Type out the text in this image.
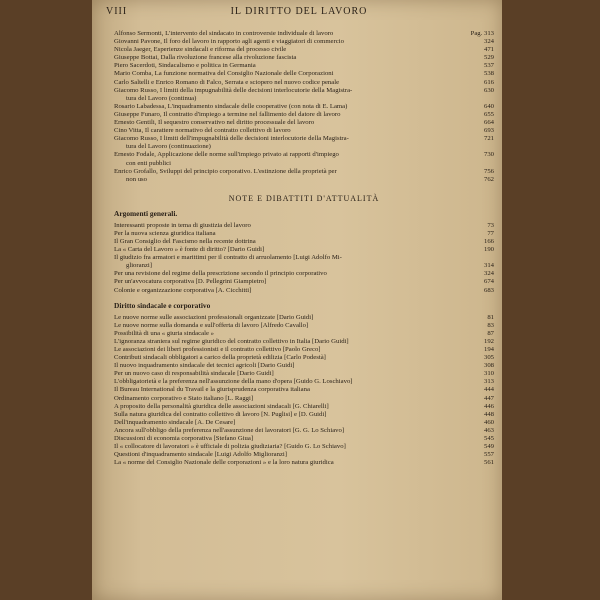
VIII	IL DIRITTO DEL LAVORO
Alfonso Sermonti, L'intervento del sindacato in controversie individuale di lavoro	Pag. 313
Giovanni Pavone, Il foro del lavoro in rapporto agli agenti e viaggiatori di commercio	324
Nicola Jaeger, Esperienze sindacali e riforma del processo civile	471
Giuseppe Bottai, Dalla rivoluzione francese alla rivoluzione fascista	529
Piero Sacerdoti, Sindacalismo e politica in Germania	537
Mario Comba, La funzione normativa del Consiglio Nazionale delle Corporazioni	538
Carlo Saltelli e Enrico Romano di Falco, Serrata e sciopero nel nuovo codice penale	616
Giacomo Russo, I limiti della impugnabilità delle decisioni interlocutorie della Magistra-	630
tura del Lavoro (continua)
Rosario Labadessa, L'inquadramento sindacale delle cooperative (con nota di E. Lama)	640
Giuseppe Funaro, Il contratto d'impiego a termine nel fallimento del datore di lavoro	655
Ernesto Gentili, Il sequestro conservativo nel diritto processuale del lavoro	664
Cino Vitta, Il carattere normativo del contratto collettivo di lavoro	693
Giacomo Russo, I limiti dell'impugnabilità delle decisioni interlocutorie della Magistra-	721
tura del Lavoro (continuazione)
Ernesto Fodale, Applicazione delle norme sull'impiego privato ai rapporti d'impiego	730
con enti pubblici
Enrico Grofallo, Sviluppi del principio corporativo. L'estinzione della proprietà per	756
non uso	762
NOTE E DIBATTITI D'ATTUALITÀ
Argomenti generali.
Interessanti proposte in tema di giustizia del lavoro	73
Per la nuova scienza giuridica italiana	77
Il Gran Consiglio del Fascismo nella recente dottrina	166
La « Carta del Lavoro » è fonte di diritto? [Dario Guidi]	190
Il giudizio fra armatori e marittimi per il contratto di arruolamento [Luigi Adolfo Mi-
glioranzi]	314
Per una revisione del regime della prescrizione secondo il principio corporativo	324
Per un'avvocatura corporativa [D. Pellegrini Giampietro]	674
Colonie e organizzazione corporativa [A. Cicchitti]	683
Diritto sindacale e corporativo
Le nuove norme sulle associazioni professionali organizzate [Dario Guidi]	81
Le nuove norme sulla domanda e sull'offerta di lavoro [Alfredo Cavallo]	83
Possibilità di una « giuria sindacale »	87
L'ignoranza straniera sul regime giuridico del contratto collettivo in Italia [Dario Guidi]	192
Le associazioni dei liberi professionisti e il contratto collettivo [Paolo Greco]	194
Contributi sindacali obbligatori a carico della proprietà edilizia [Carlo Podestà]	305
Il nuovo inquadramento sindacale dei tecnici agricoli [Dario Guidi]	308
Per un nuovo caso di responsabilità sindacale [Dario Guidi]	310
L'obbligatorietà e la preferenza nell'assunzione della mano d'opera [Guido G. Loschiavo]	313
Il Bureau International du Travail e la giurisprudenza corporativa italiana	444
Ordinamento corporativo e Stato italiano [L. Raggi]	447
A proposito della personalità giuridica delle associazioni sindacali [G. Chiarelli]	446
Sulla natura giuridica del contratto collettivo di lavoro [N. Puglisi] e [D. Guidi]	448
Dell'inquadramento sindacale [A. De Cesare]	460
Ancora sull'obbligo della preferenza nell'assunzione dei lavoratori [G. G. Lo Schiavo]	463
Discussioni di economia corporativa [Stefano Giua]	545
Il « collocatore di lavoratori » è ufficiale di polizia giudiziaria? [Guido G. Lo Schiavo]	549
Questioni d'inquadramento sindacale [Luigi Adolfo Miglioranzi]	557
La « norme del Consiglio Nazionale delle corporazioni » e la loro natura giuridica	561
